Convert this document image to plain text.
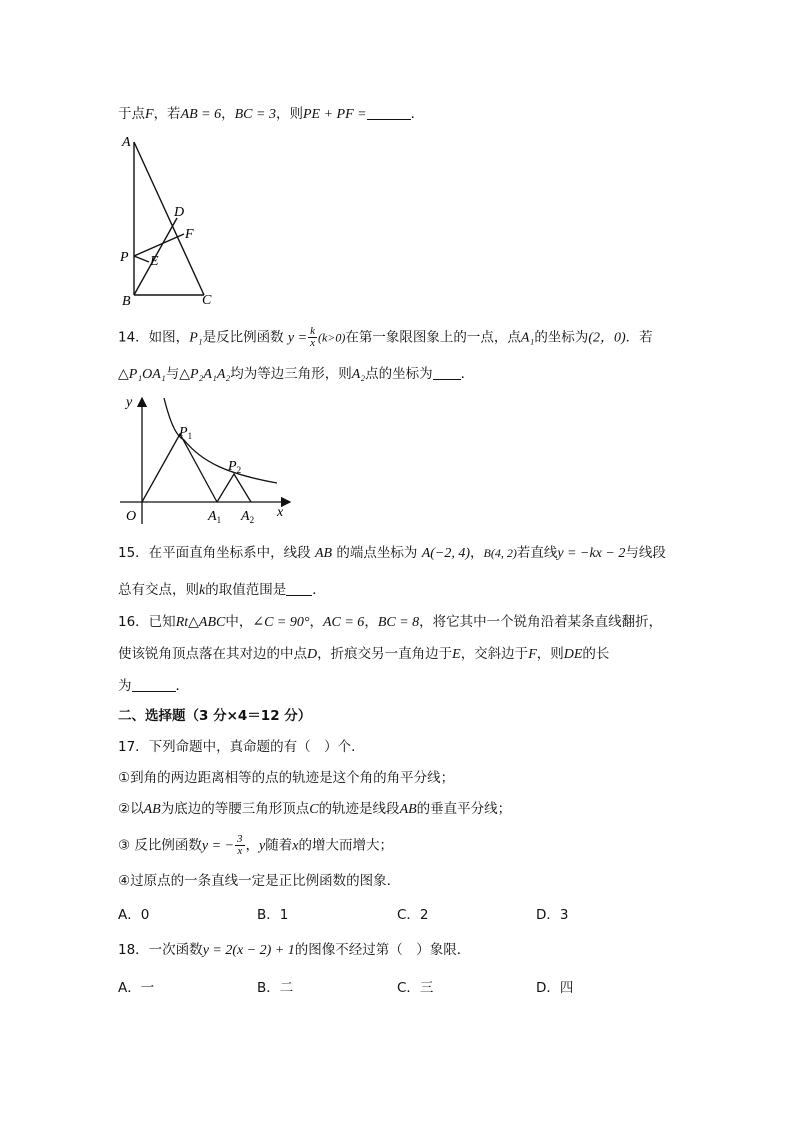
于点F，若AB = 6，BC = 3，则PE + PF =	．
A
D
F
P E
B	C
14．如图，P₁是反比例函数 $y = \frac{k}{x} (k>0)$在第一象限图象上的一点，点A₁的坐标为(2，0)．若
△P₁OA₁与△P₂A₁A₂均为等边三角形，则A₂点的坐标为 ．
y
x
O
$P_1$
$P_2$
$A_1$ $A_2$
15．在平面直角坐标系中，线段 AB 的端点坐标为 A(−2, 4)，B(4, 2)若直线y = −kx − 2与线段
总有交点，则k的取值范围是 ．
16．已知Rt△ABC中，∠C = 90°，AC = 6，BC = 8，将它其中一个锐角沿着某条直线翻折，
使该锐角顶点落在其对边的中点D，折痕交另一直角边于E，交斜边于F，则DE的长
为	．
二、选择题（3 分×4＝12 分）
17．下列命题中，真命题的有（　）个．
①到角的两边距离相等的点的轨迹是这个角的角平分线；
②以AB为底边的等腰三角形顶点C的轨迹是线段AB的垂直平分线；
③ 反比例函数y = − $\frac{3}{x}$ ，y随着x的增大而增大；
④过原点的一条直线一定是正比例函数的图象．
A．0	B．1	C．2	D．3
18．一次函数y = 2(x − 2) + 1的图像不经过第（　）象限．
A．一	B．二	C．三	D．四
